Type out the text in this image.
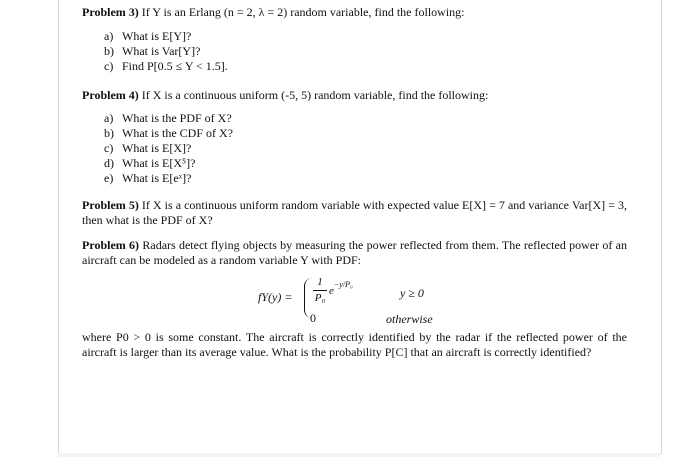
Problem 3) If Y is an Erlang (n = 2, λ = 2) random variable, find the following:

a) What is E[Y]?
b) What is Var[Y]?
c) Find P[0.5 ≤ Y < 1.5].

Problem 4) If X is a continuous uniform (-5, 5) random variable, find the following:

a) What is the PDF of X?
b) What is the CDF of X?
c) What is E[X]?
d) What is E[X⁵]?
e) What is E[eˣ]?

Problem 5) If X is a continuous uniform random variable with expected value E[X] = 7 and variance Var[X] = 3, then what is the PDF of X?

Problem 6) Radars detect flying objects by measuring the power reflected from them. The reflected power of an aircraft can be modeled as a random variable Y with PDF:

fY(y) =
1
P₀
$e^{-y/P_0}$
0
y ≥ 0
otherwise

where P0 > 0 is some constant. The aircraft is correctly identified by the radar if the reflected power of the aircraft is larger than its average value. What is the probability P[C] that an aircraft is correctly identified?
